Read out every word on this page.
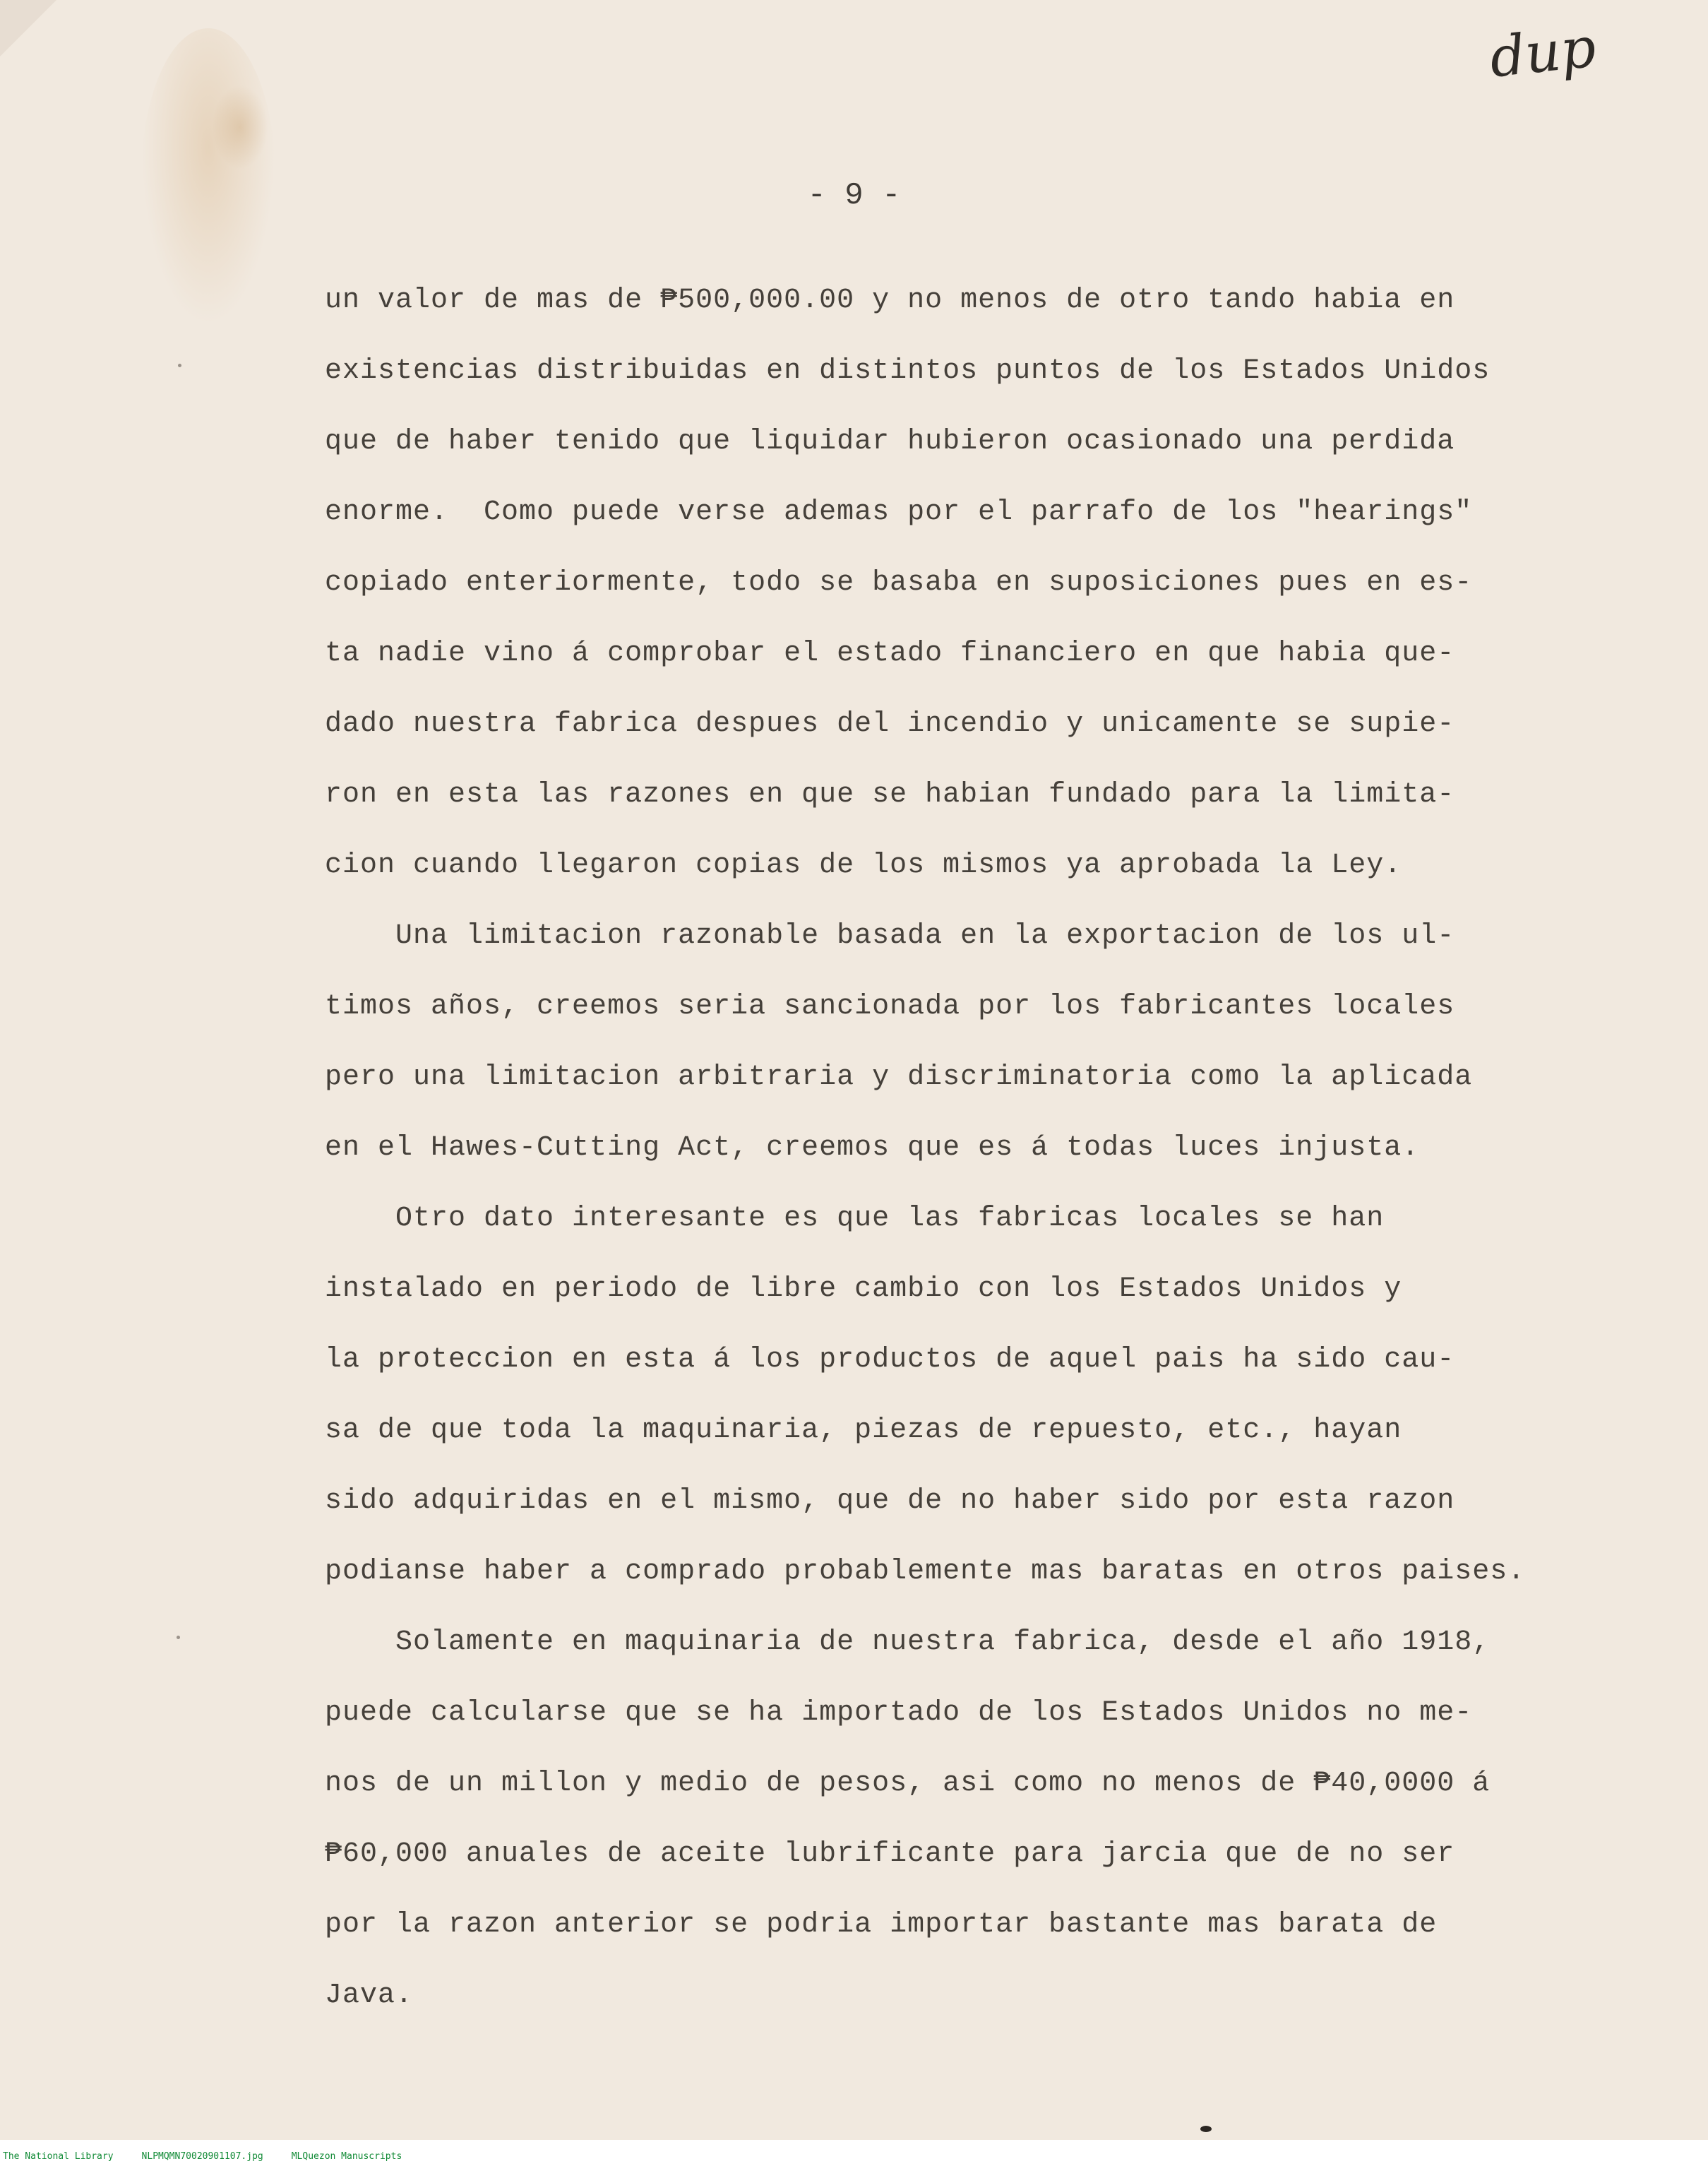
dup
- 9 -
un valor de mas de ₱500,000.00 y no menos de otro tando habia en
existencias distribuidas en distintos puntos de los Estados Unidos
que de haber tenido que liquidar hubieron ocasionado una perdida
enorme.  Como puede verse ademas por el parrafo de los "hearings"
copiado enteriormente, todo se basaba en suposiciones pues en es-
ta nadie vino á comprobar el estado financiero en que habia que-
dado nuestra fabrica despues del incendio y unicamente se supie-
ron en esta las razones en que se habian fundado para la limita-
cion cuando llegaron copias de los mismos ya aprobada la Ley.
Una limitacion razonable basada en la exportacion de los ul-
timos años, creemos seria sancionada por los fabricantes locales
pero una limitacion arbitraria y discriminatoria como la aplicada
en el Hawes-Cutting Act, creemos que es á todas luces injusta.
Otro dato interesante es que las fabricas locales se han
instalado en periodo de libre cambio con los Estados Unidos y
la proteccion en esta á los productos de aquel pais ha sido cau-
sa de que toda la maquinaria, piezas de repuesto, etc., hayan
sido adquiridas en el mismo, que de no haber sido por esta razon
podianse haber a comprado probablemente mas baratas en otros paises.
Solamente en maquinaria de nuestra fabrica, desde el año 1918,
puede calcularse que se ha importado de los Estados Unidos no me-
nos de un millon y medio de pesos, asi como no menos de ₱40,0000 á
₱60,000 anuales de aceite lubrificante para jarcia que de no ser
por la razon anterior se podria importar bastante mas barata de
Java.
The National Library	NLPMQMN70020901107.jpg	MLQuezon Manuscripts
